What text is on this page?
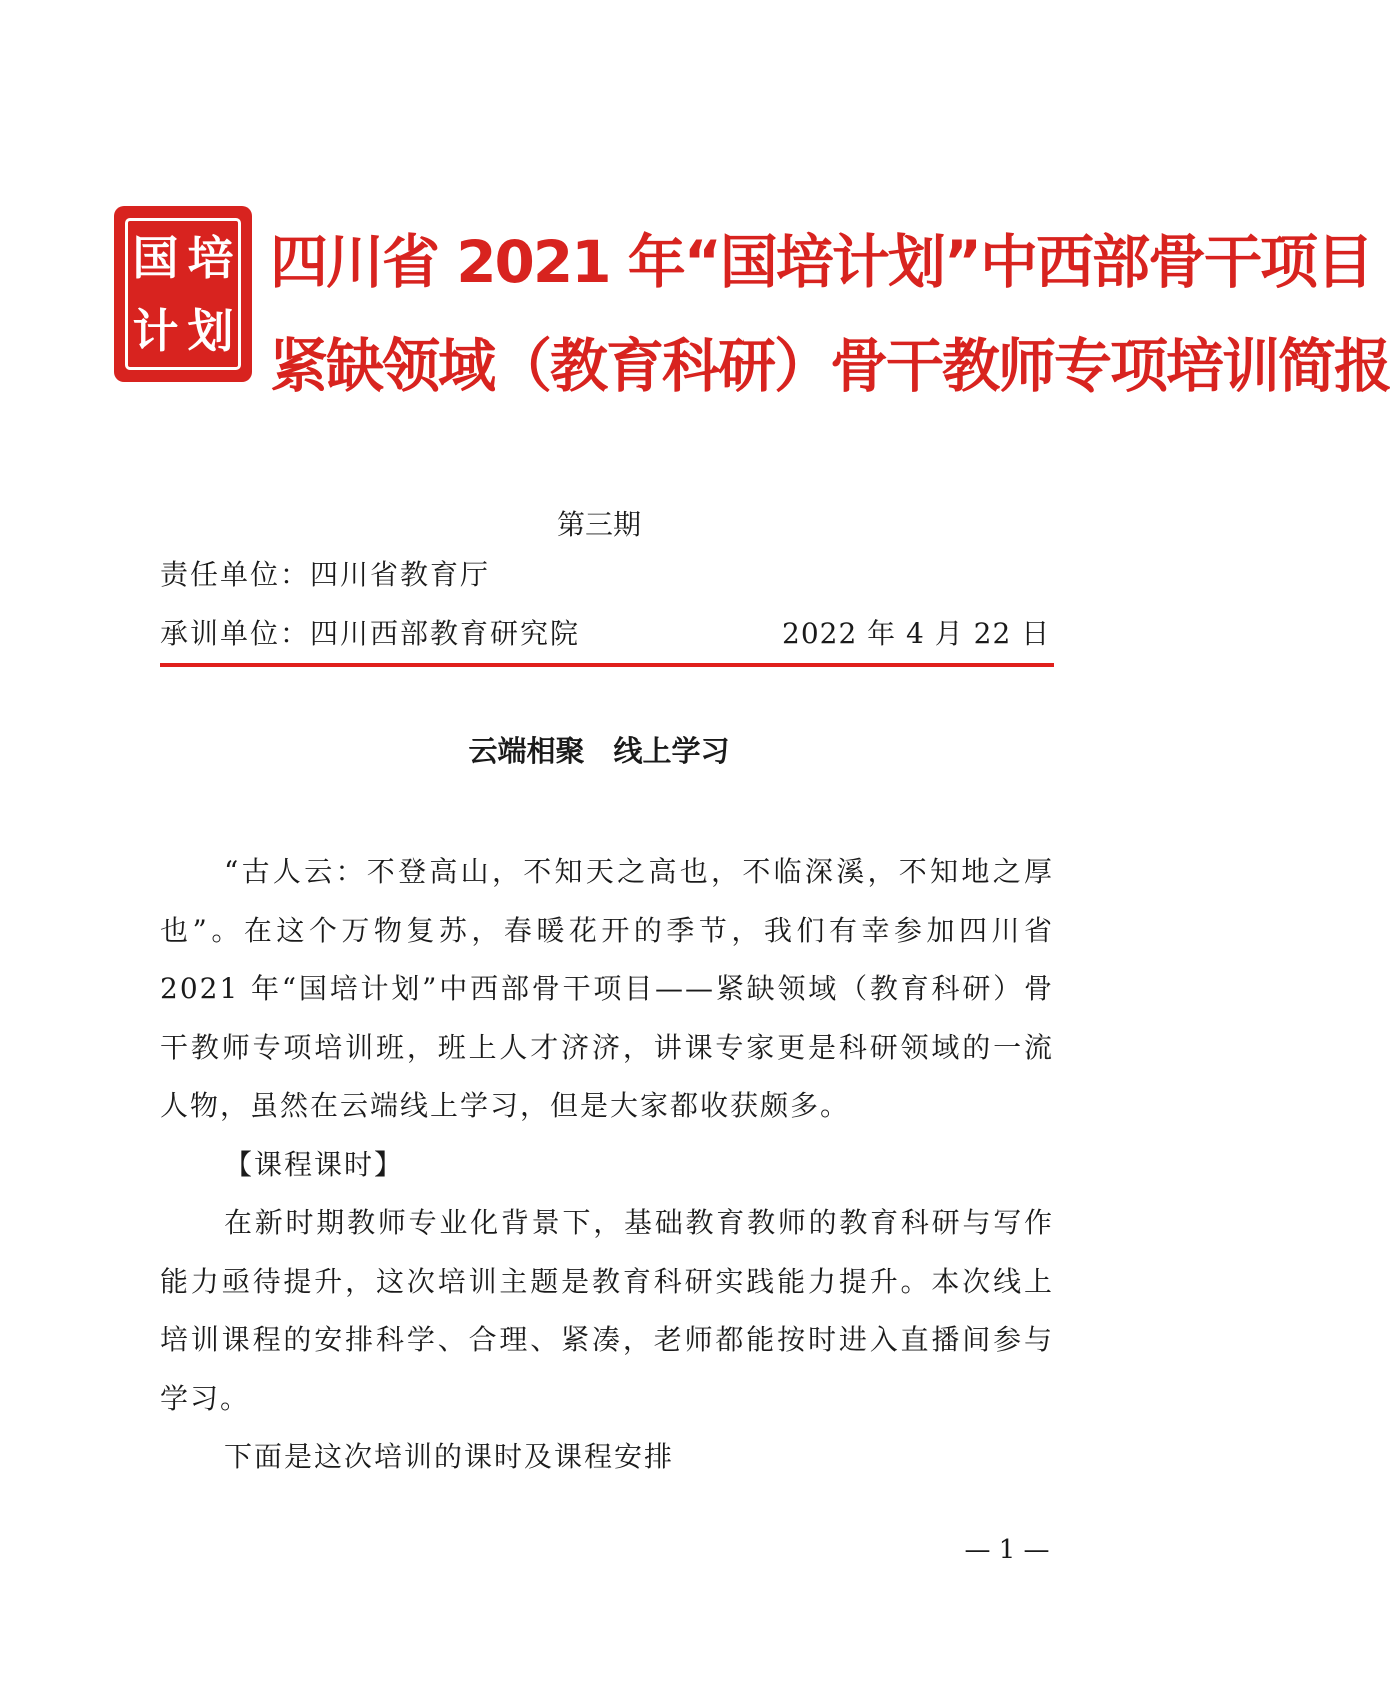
国 培
计 划
四川省 2021 年“国培计划”中西部骨干项目
紧缺领域（教育科研）骨干教师专项培训简报
第三期
责任单位：四川省教育厅
承训单位：四川西部教育研究院	2022 年 4 月 22 日
云端相聚　线上学习

“古人云：不登高山，不知天之高也，不临深溪，不知地之厚也”。在这个万物复苏，春暖花开的季节，我们有幸参加四川省 2021 年“国培计划”中西部骨干项目——紧缺领域（教育科研）骨干教师专项培训班，班上人才济济，讲课专家更是科研领域的一流人物，虽然在云端线上学习，但是大家都收获颇多。

【课程课时】

在新时期教师专业化背景下，基础教育教师的教育科研与写作能力亟待提升，这次培训主题是教育科研实践能力提升。本次线上培训课程的安排科学、合理、紧凑，老师都能按时进入直播间参与学习。

下面是这次培训的课时及课程安排

— 1 —
